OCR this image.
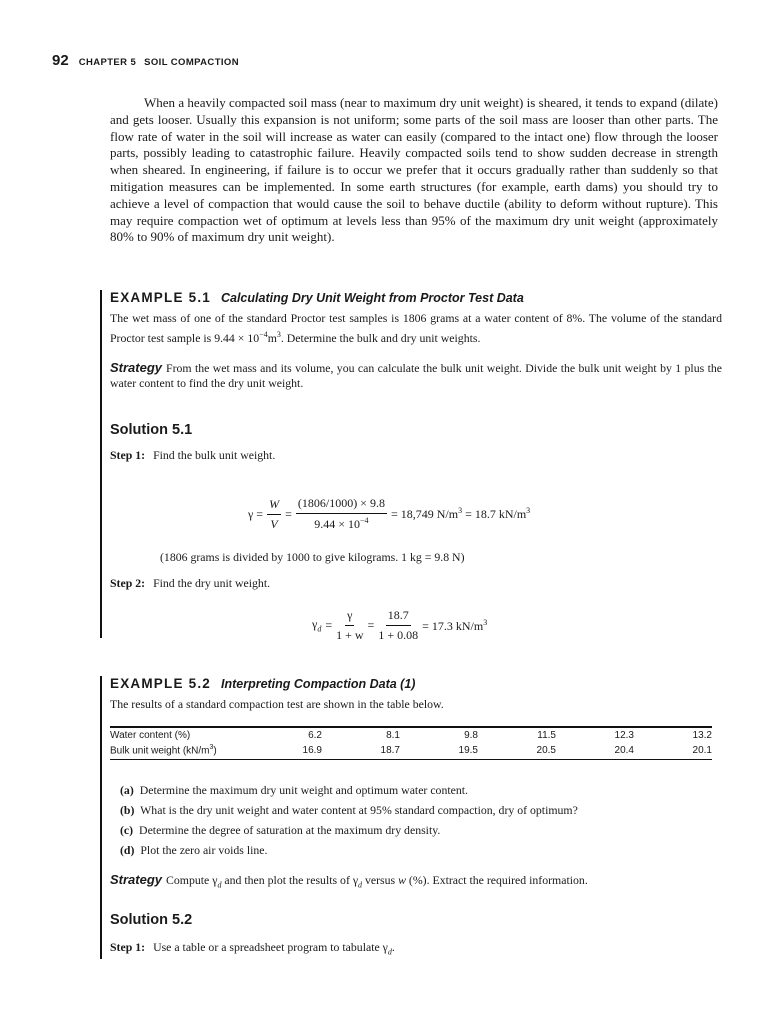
92 CHAPTER 5 SOIL COMPACTION

When a heavily compacted soil mass (near to maximum dry unit weight) is sheared, it tends to expand (dilate) and gets looser. Usually this expansion is not uniform; some parts of the soil mass are looser than other parts. The flow rate of water in the soil will increase as water can easily (compared to the intact one) flow through the looser parts, possibly leading to catastrophic failure. Heavily compacted soils tend to show sudden decrease in strength when sheared. In engineering, if failure is to occur we prefer that it occurs gradually rather than suddenly so that mitigation measures can be implemented. In some earth structures (for example, earth dams) you should try to achieve a level of compaction that would cause the soil to behave ductile (ability to deform without rupture). This may require compaction wet of optimum at levels less than 95% of the maximum dry unit weight (approximately 80% to 90% of maximum dry unit weight).

EXAMPLE 5.1 Calculating Dry Unit Weight from Proctor Test Data

The wet mass of one of the standard Proctor test samples is 1806 grams at a water content of 8%. The volume of the standard Proctor test sample is $9.44 \times 10^{-4}m^3$. Determine the bulk and dry unit weights.

Strategy From the wet mass and its volume, you can calculate the bulk unit weight. Divide the bulk unit weight by 1 plus the water content to find the dry unit weight.

Solution 5.1

Step 1: Find the bulk unit weight.

$\gamma = \frac{W}{V} = \frac{(1806/1000) \times 9.8}{9.44 \times 10^{-4}} = 18,749$ $N/m^3 = 18.7$ $kN/m^3$

(1806 grams is divided by 1000 to give kilograms. 1 kg = 9.8 N)

Step 2: Find the dry unit weight.

$\gamma_d = \frac{\gamma}{1 + w} = \frac{18.7}{1 + 0.08} = 17.3$ $kN/m^3$
EXAMPLE 5.2 Interpreting Compaction Data (1)

The results of a standard compaction test are shown in the table below.

Water content (%)	6.2	8.1	9.8	11.5	12.3	13.2
Bulk unit weight $(kN/m^3)$	16.9	18.7	19.5	20.5	20.4	20.1
(a) Determine the maximum dry unit weight and optimum water content.
(b) What is the dry unit weight and water content at 95% standard compaction, dry of optimum?
(c) Determine the degree of saturation at the maximum dry density.
(d) Plot the zero air voids line.

Strategy Compute $\gamma_d$ and then plot the results of $\gamma_d$ versus w (%). Extract the required information.

Solution 5.2

Step 1: Use a table or a spreadsheet program to tabulate $\gamma_d$.
